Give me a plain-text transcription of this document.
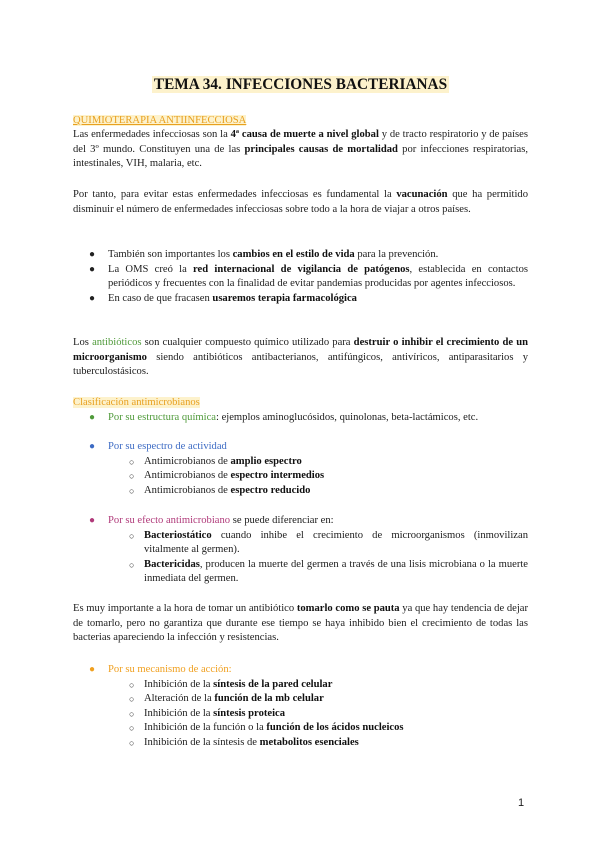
TEMA 34. INFECCIONES BACTERIANAS
QUIMIOTERAPIA ANTIINFECCIOSA
Las enfermedades infecciosas son la 4ª causa de muerte a nivel global y de tracto respiratorio y de países del 3º mundo. Constituyen una de las principales causas de mortalidad por infecciones respiratorias, intestinales, VIH, malaria, etc.
Por tanto, para evitar estas enfermedades infecciosas es fundamental la vacunación que ha permitido disminuir el número de enfermedades infecciosas sobre todo a la hora de viajar a otros países.
● También son importantes los cambios en el estilo de vida para la prevención.
● La OMS creó la red internacional de vigilancia de patógenos, establecida en contactos periódicos y frecuentes con la finalidad de evitar pandemias producidas por agentes infecciosos.
● En caso de que fracasen usaremos terapia farmacológica
Los antibióticos son cualquier compuesto químico utilizado para destruir o inhibir el crecimiento de un microorganismo siendo antibióticos antibacterianos, antifúngicos, antivíricos, antiparasitarios y tuberculostásicos.
Clasificación antimicrobianos
● Por su estructura química: ejemplos aminoglucósidos, quinolonas, beta-lactámicos, etc.
● Por su espectro de actividad
○ Antimicrobianos de amplio espectro
○ Antimicrobianos de espectro intermedios
○ Antimicrobianos de espectro reducido
● Por su efecto antimicrobiano se puede diferenciar en:
○ Bacteriostático cuando inhibe el crecimiento de microorganismos (inmovilizan vitalmente al germen).
○ Bactericidas, producen la muerte del germen a través de una lisis microbiana o la muerte inmediata del germen.
Es muy importante a la hora de tomar un antibiótico tomarlo como se pauta ya que hay tendencia de dejar de tomarlo, pero no garantiza que durante ese tiempo se haya inhibido bien el crecimiento de todas las bacterias apareciendo la infección y resistencias.
● Por su mecanismo de acción:
○ Inhibición de la síntesis de la pared celular
○ Alteración de la función de la mb celular
○ Inhibición de la síntesis proteica
○ Inhibición de la función o la función de los ácidos nucleicos
○ Inhibición de la síntesis de metabolitos esenciales
1
